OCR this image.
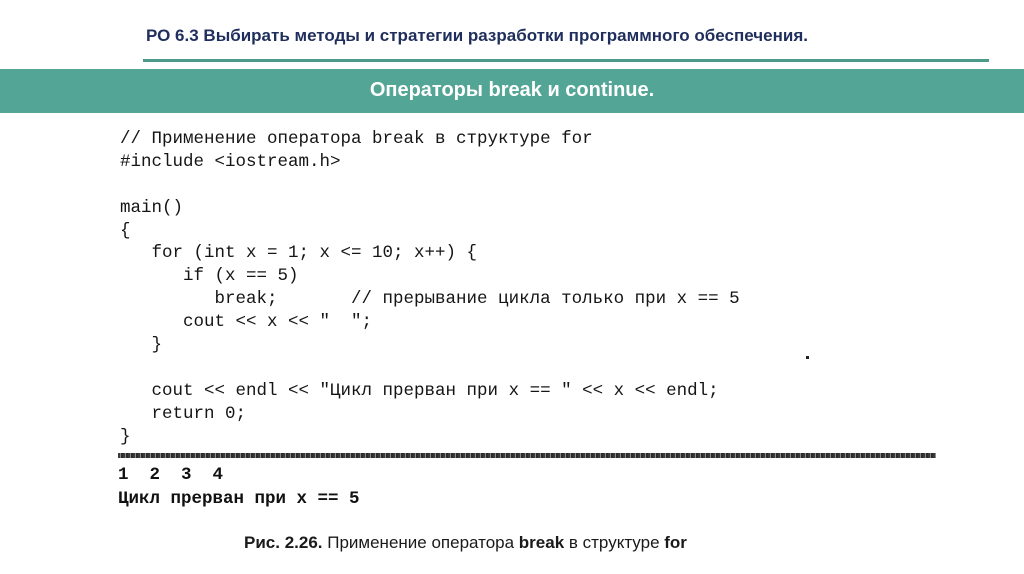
РО 6.3 Выбирать методы и стратегии разработки программного обеспечения.
Операторы break и continue.
// Применение оператора break в структуре for
#include <iostream.h>
main()
{
for (int x = 1; x <= 10; x++) {
if (x == 5)
break;       // прерывание цикла только при x == 5
cout << x << "  ";
}
cout << endl << "Цикл прерван при x == " << x << endl;
return 0;
}
1  2  3  4
Цикл прерван при x == 5
Рис. 2.26. Применение оператора break в структуре for
